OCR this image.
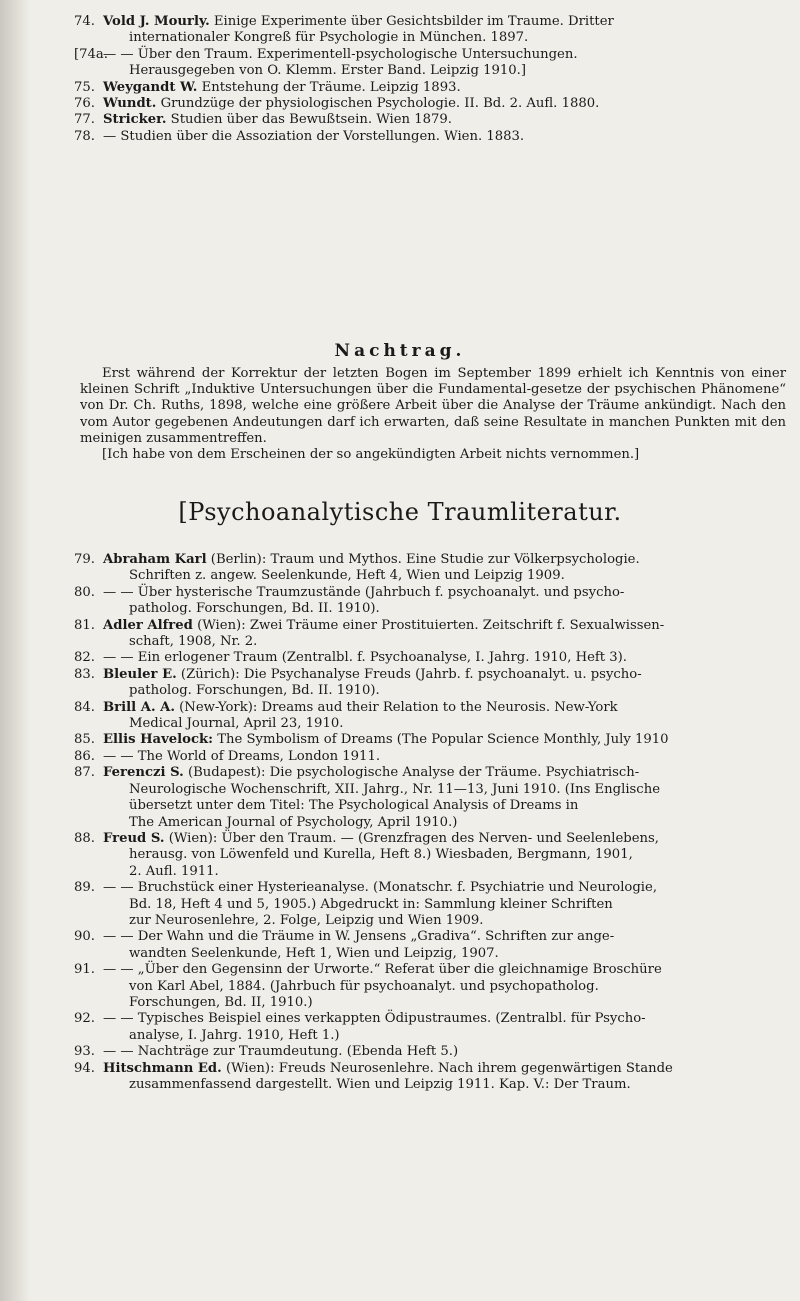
74. Vold J. Mourly. Einige Experimente über Gesichtsbilder im Traume. Dritter
internationaler Kongreß für Psychologie in München. 1897.
[74a.
— — Über den Traum. Experimentell-psychologische Untersuchungen.
Herausgegeben von O. Klemm. Erster Band. Leipzig 1910.]
75. Weygandt W. Entstehung der Träume. Leipzig 1893.
76. Wundt. Grundzüge der physiologischen Psychologie. II. Bd. 2. Aufl. 1880.
77. Stricker. Studien über das Bewußtsein. Wien 1879.
78. — Studien über die Assoziation der Vorstellungen. Wien. 1883.
Nachtrag.

Erst während der Korrektur der letzten Bogen im September 1899 erhielt ich Kenntnis von einer kleinen Schrift „Induktive Untersuchungen über die Fundamental-gesetze der psychischen Phänomene“ von Dr. Ch. Ruths, 1898, welche eine größere Arbeit über die Analyse der Träume ankündigt. Nach den vom Autor gegebenen Andeutungen darf ich erwarten, daß seine Resultate in manchen Punkten mit den meinigen zusammentreffen.

[Ich habe von dem Erscheinen der so angekündigten Arbeit nichts vernommen.]

[Psychoanalytische Traumliteratur.
79. Abraham Karl (Berlin): Traum und Mythos. Eine Studie zur Völkerpsychologie.
Schriften z. angew. Seelenkunde, Heft 4, Wien und Leipzig 1909.
80. — — Über hysterische Traumzustände (Jahrbuch f. psychoanalyt. und psycho-
patholog. Forschungen, Bd. II. 1910).
81. Adler Alfred (Wien): Zwei Träume einer Prostituierten. Zeitschrift f. Sexualwissen-
schaft, 1908, Nr. 2.
82. — — Ein erlogener Traum (Zentralbl. f. Psychoanalyse, I. Jahrg. 1910, Heft 3).
83. Bleuler E. (Zürich): Die Psychanalyse Freuds (Jahrb. f. psychoanalyt. u. psycho-
patholog. Forschungen, Bd. II. 1910).
84. Brill A. A. (New-York): Dreams aud their Relation to the Neurosis. New-York
Medical Journal, April 23, 1910.
85. Ellis Havelock: The Symbolism of Dreams (The Popular Science Monthly, July 1910
86. — — The World of Dreams, London 1911.
87. Ferenczi S. (Budapest): Die psychologische Analyse der Träume. Psychiatrisch-
Neurologische Wochenschrift, XII. Jahrg., Nr. 11—13, Juni 1910. (Ins Englische
übersetzt unter dem Titel: The Psychological Analysis of Dreams in
The American Journal of Psychology, April 1910.)
88. Freud S. (Wien): Über den Traum. — (Grenzfragen des Nerven- und Seelenlebens,
herausg. von Löwenfeld und Kurella, Heft 8.) Wiesbaden, Bergmann, 1901,
2. Aufl. 1911.
89. — — Bruchstück einer Hysterieanalyse. (Monatschr. f. Psychiatrie und Neurologie,
Bd. 18, Heft 4 und 5, 1905.) Abgedruckt in: Sammlung kleiner Schriften
zur Neurosenlehre, 2. Folge, Leipzig und Wien 1909.
90. — — Der Wahn und die Träume in W. Jensens „Gradiva“. Schriften zur ange-
wandten Seelenkunde, Heft 1, Wien und Leipzig, 1907.
91. — — „Über den Gegensinn der Urworte.“ Referat über die gleichnamige Broschüre
von Karl Abel, 1884. (Jahrbuch für psychoanalyt. und psychopatholog.
Forschungen, Bd. II, 1910.)
92. — — Typisches Beispiel eines verkappten Ödipustraumes. (Zentralbl. für Psycho-
analyse, I. Jahrg. 1910, Heft 1.)
93. — — Nachträge zur Traumdeutung. (Ebenda Heft 5.)
94. Hitschmann Ed. (Wien): Freuds Neurosenlehre. Nach ihrem gegenwärtigen Stande
zusammenfassend dargestellt. Wien und Leipzig 1911. Kap. V.: Der Traum.
